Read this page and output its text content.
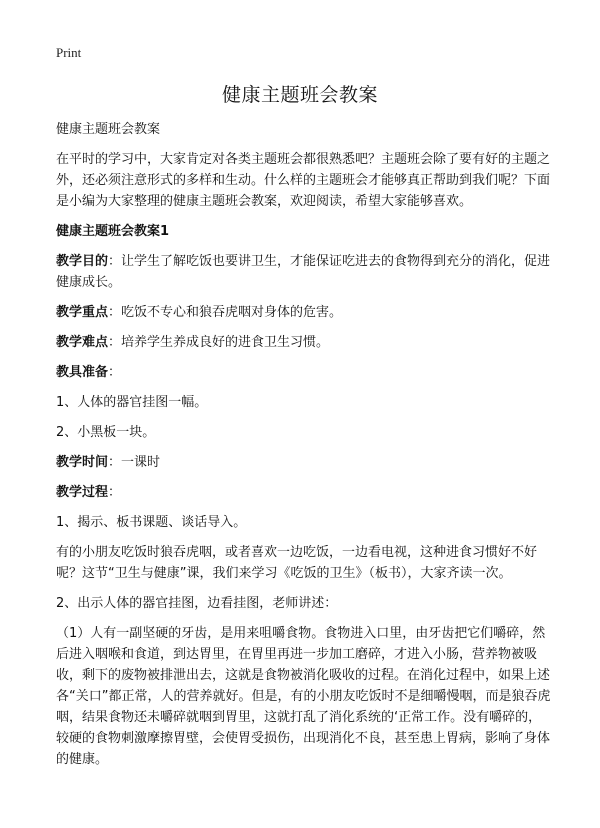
Print
健康主题班会教案

健康主题班会教案

在平时的学习中，大家肯定对各类主题班会都很熟悉吧？主题班会除了要有好的主题之外，还必须注意形式的多样和生动。什么样的主题班会才能够真正帮助到我们呢？下面是小编为大家整理的健康主题班会教案，欢迎阅读，希望大家能够喜欢。

健康主题班会教案1

教学目的：让学生了解吃饭也要讲卫生，才能保证吃进去的食物得到充分的消化，促进健康成长。

教学重点：吃饭不专心和狼吞虎咽对身体的危害。

教学难点：培养学生养成良好的进食卫生习惯。

教具准备：

1、人体的器官挂图一幅。

2、小黑板一块。

教学时间：一课时

教学过程：

1、揭示、板书课题、谈话导入。

有的小朋友吃饭时狼吞虎咽，或者喜欢一边吃饭，一边看电视，这种进食习惯好不好呢？这节“卫生与健康”课，我们来学习《吃饭的卫生》（板书），大家齐读一次。

2、出示人体的器官挂图，边看挂图，老师讲述：

（1）人有一副坚硬的牙齿，是用来咀嚼食物。食物进入口里，由牙齿把它们嚼碎，然后进入咽喉和食道，到达胃里，在胃里再进一步加工磨碎，才进入小肠，营养物被吸收，剩下的废物被排泄出去，这就是食物被消化吸收的过程。在消化过程中，如果上述各“关口”都正常，人的营养就好。但是，有的小朋友吃饭时不是细嚼慢咽，而是狼吞虎咽，结果食物还未嚼碎就咽到胃里，这就打乱了消化系统的‘正常工作。没有嚼碎的，较硬的食物刺激摩擦胃壁，会使胃受损伤，出现消化不良，甚至患上胃病，影响了身体的健康。
